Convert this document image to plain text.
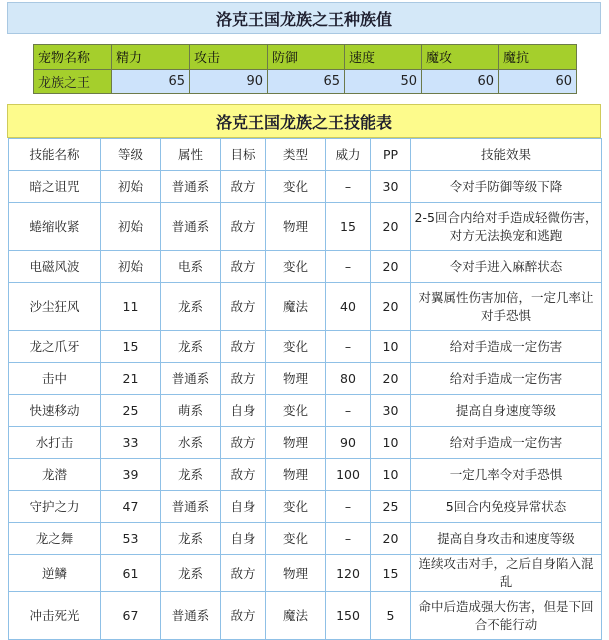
洛克王国龙族之王种族值
宠物名称	精力	攻击	防御	速度	魔攻	魔抗
龙族之王	65	90	65	50	60	60
洛克王国龙族之王技能表
技能名称	等级	属性	目标	类型	威力	PP	技能效果
暗之诅咒	初始	普通系	敌方	变化	–	30	令对手防御等级下降
蜷缩收紧	初始	普通系	敌方	物理	15	20	2-5回合内给对手造成轻微伤害，对方无法换宠和逃跑
电磁风波	初始	电系	敌方	变化	–	20	令对手进入麻醉状态
沙尘狂风	11	龙系	敌方	魔法	40	20	对翼属性伤害加倍，一定几率让对手恐惧
龙之爪牙	15	龙系	敌方	变化	–	10	给对手造成一定伤害
击中	21	普通系	敌方	物理	80	20	给对手造成一定伤害
快速移动	25	萌系	自身	变化	–	30	提高自身速度等级
水打击	33	水系	敌方	物理	90	10	给对手造成一定伤害
龙潜	39	龙系	敌方	物理	100	10	一定几率令对手恐惧
守护之力	47	普通系	自身	变化	–	25	5回合内免疫异常状态
龙之舞	53	龙系	自身	变化	–	20	提高自身攻击和速度等级
逆鳞	61	龙系	敌方	物理	120	15	连续攻击对手，之后自身陷入混乱
冲击死光	67	普通系	敌方	魔法	150	5	命中后造成强大伤害，但是下回合不能行动
